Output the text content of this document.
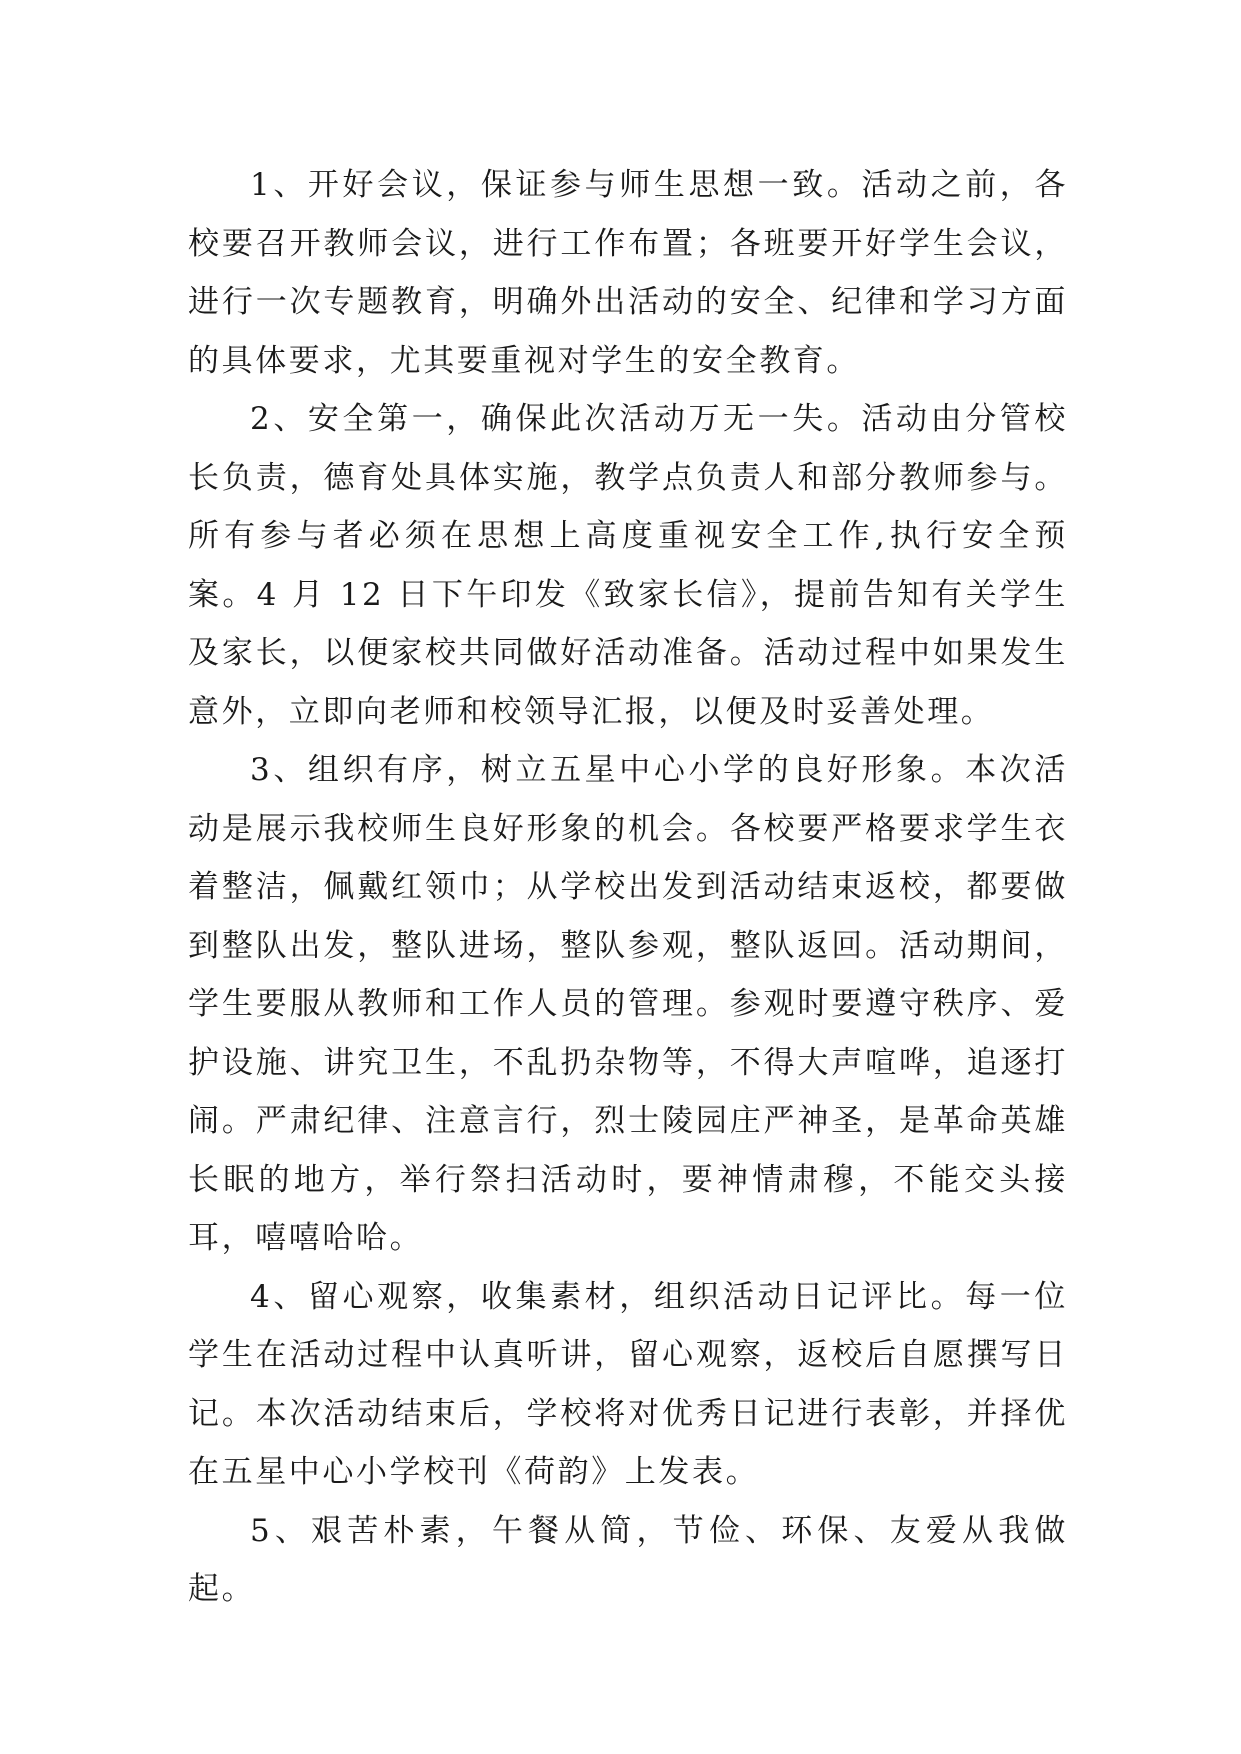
1、开好会议，保证参与师生思想一致。活动之前，各校要召开教师会议，进行工作布置；各班要开好学生会议，进行一次专题教育，明确外出活动的安全、纪律和学习方面的具体要求，尤其要重视对学生的安全教育。

2、安全第一，确保此次活动万无一失。活动由分管校长负责，德育处具体实施，教学点负责人和部分教师参与。所有参与者必须在思想上高度重视安全工作,执行安全预案。4 月 12 日下午印发《致家长信》，提前告知有关学生及家长，以便家校共同做好活动准备。活动过程中如果发生意外，立即向老师和校领导汇报，以便及时妥善处理。

3、组织有序，树立五星中心小学的良好形象。本次活动是展示我校师生良好形象的机会。各校要严格要求学生衣着整洁，佩戴红领巾；从学校出发到活动结束返校，都要做到整队出发，整队进场，整队参观，整队返回。活动期间，学生要服从教师和工作人员的管理。参观时要遵守秩序、爱护设施、讲究卫生，不乱扔杂物等，不得大声喧哗，追逐打闹。严肃纪律、注意言行，烈士陵园庄严神圣，是革命英雄长眠的地方，举行祭扫活动时，要神情肃穆，不能交头接耳，嘻嘻哈哈。

4、留心观察，收集素材，组织活动日记评比。每一位学生在活动过程中认真听讲，留心观察，返校后自愿撰写日记。本次活动结束后，学校将对优秀日记进行表彰，并择优在五星中心小学校刊《荷韵》上发表。

5、艰苦朴素，午餐从简，节俭、环保、友爱从我做起。
